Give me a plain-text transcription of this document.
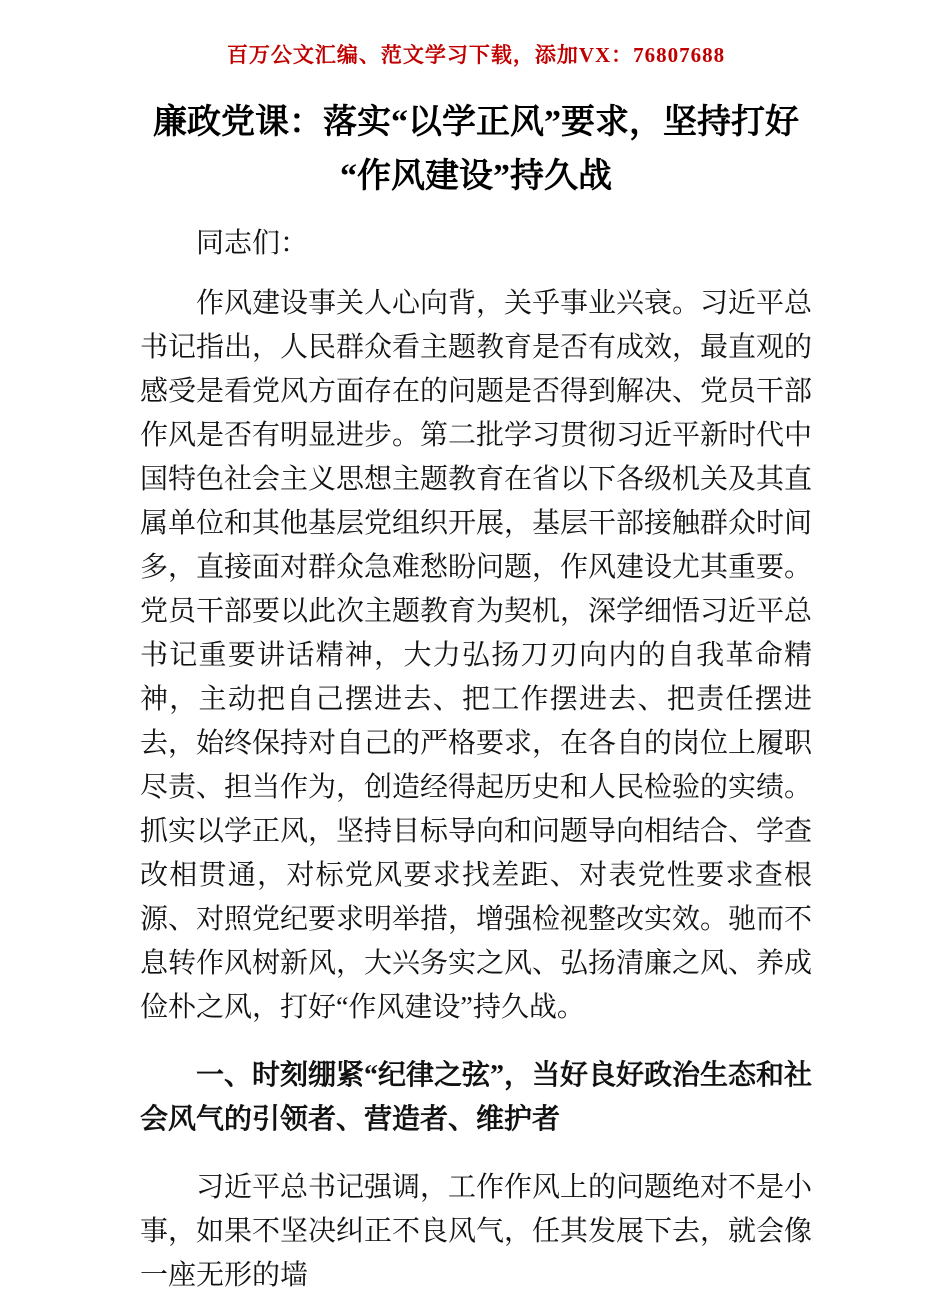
百万公文汇编、范文学习下载，添加VX：76807688
廉政党课：落实“以学正风”要求，坚持打好“作风建设”持久战

同志们：

作风建设事关人心向背，关乎事业兴衰。习近平总书记指出，人民群众看主题教育是否有成效，最直观的感受是看党风方面存在的问题是否得到解决、党员干部作风是否有明显进步。第二批学习贯彻习近平新时代中国特色社会主义思想主题教育在省以下各级机关及其直属单位和其他基层党组织开展，基层干部接触群众时间多，直接面对群众急难愁盼问题，作风建设尤其重要。党员干部要以此次主题教育为契机，深学细悟习近平总书记重要讲话精神，大力弘扬刀刃向内的自我革命精神，主动把自己摆进去、把工作摆进去、把责任摆进去，始终保持对自己的严格要求，在各自的岗位上履职尽责、担当作为，创造经得起历史和人民检验的实绩。抓实以学正风，坚持目标导向和问题导向相结合、学查改相贯通，对标党风要求找差距、对表党性要求查根源、对照党纪要求明举措，增强检视整改实效。驰而不息转作风树新风，大兴务实之风、弘扬清廉之风、养成俭朴之风，打好“作风建设”持久战。

一、时刻绷紧“纪律之弦”，当好良好政治生态和社会风气的引领者、营造者、维护者

习近平总书记强调，工作作风上的问题绝对不是小事，如果不坚决纠正不良风气，任其发展下去，就会像一座无形的墙
